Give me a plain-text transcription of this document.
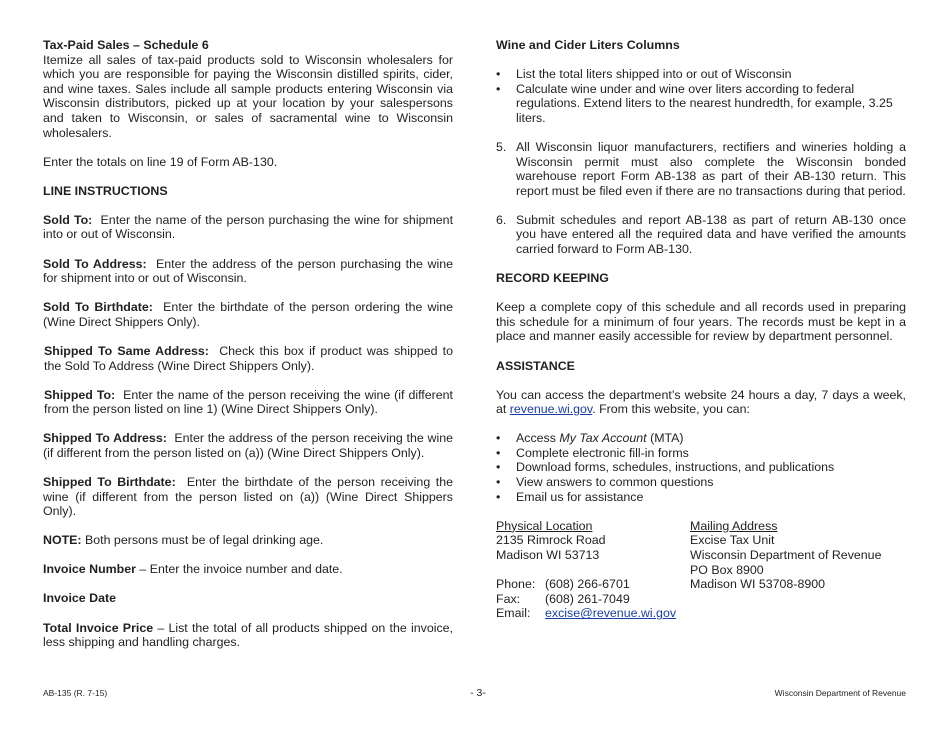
Tax-Paid Sales – Schedule 6

Itemize all sales of tax-paid products sold to Wisconsin wholesalers for which you are responsible for paying the Wisconsin distilled spirits, cider, and wine taxes. Sales include all sample products entering Wisconsin via Wisconsin distributors, picked up at your location by your salespersons and taken to Wisconsin, or sales of sacramental wine to Wisconsin wholesalers.

Enter the totals on line 19 of Form AB-130.

LINE INSTRUCTIONS

Sold To: Enter the name of the person purchasing the wine for shipment into or out of Wisconsin.

Sold To Address: Enter the address of the person purchasing the wine for shipment into or out of Wisconsin.

Sold To Birthdate: Enter the birthdate of the person ordering the wine (Wine Direct Shippers Only).

Shipped To Same Address: Check this box if product was shipped to the Sold To Address (Wine Direct Shippers Only).

Shipped To: Enter the name of the person receiving the wine (if different from the person listed on line 1) (Wine Direct Shippers Only).

Shipped To Address: Enter the address of the person receiving the wine (if different from the person listed on (a)) (Wine Direct Shippers Only).

Shipped To Birthdate: Enter the birthdate of the person receiving the wine (if different from the person listed on (a)) (Wine Direct Shippers Only).

NOTE: Both persons must be of legal drinking age.

Invoice Number – Enter the invoice number and date.

Invoice Date

Total Invoice Price – List the total of all products shipped on the invoice, less shipping and handling charges.

Wine and Cider Liters Columns
• List the total liters shipped into or out of Wisconsin
• Calculate wine under and wine over liters according to federal regulations. Extend liters to the nearest hundredth, for example, 3.25 liters.
5. All Wisconsin liquor manufacturers, rectifiers and wineries holding a Wisconsin permit must also complete the Wisconsin bonded warehouse report Form AB-138 as part of their AB-130 return. This report must be filed even if there are no transactions during that period.
6. Submit schedules and report AB-138 as part of return AB-130 once you have entered all the required data and have verified the amounts carried forward to Form AB-130.
RECORD KEEPING

Keep a complete copy of this schedule and all records used in preparing this schedule for a minimum of four years. The records must be kept in a place and manner easily accessible for review by department personnel.

ASSISTANCE

You can access the department’s website 24 hours a day, 7 days a week, at revenue.wi.gov. From this website, you can:

• Access My Tax Account (MTA)
• Complete electronic fill-in forms
• Download forms, schedules, instructions, and publications
• View answers to common questions
• Email us for assistance
Physical Location
2135 Rimrock Road
Madison WI 53713
Phone: (608) 266-6701
Fax: (608) 261-7049
Email: excise@revenue.wi.gov
Mailing Address
Excise Tax Unit
Wisconsin Department of Revenue
PO Box 8900
Madison WI 53708-8900
AB-135 (R. 7-15)	- 3-	Wisconsin Department of Revenue
